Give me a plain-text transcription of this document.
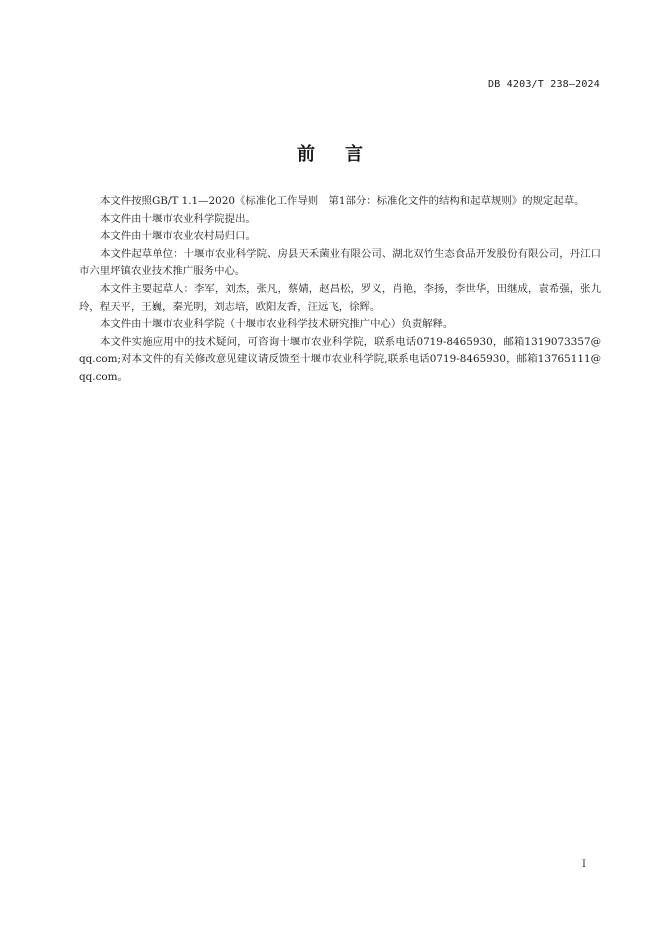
DB 4203/T 238—2024
前 言

本文件按照GB/T 1.1—2020《标准化工作导则　第1部分：标准化文件的结构和起草规则》的规定起草。

本文件由十堰市农业科学院提出。

本文件由十堰市农业农村局归口。

本文件起草单位：十堰市农业科学院、房县天禾菌业有限公司、湖北双竹生态食品开发股份有限公司，丹江口市六里坪镇农业技术推广服务中心。

本文件主要起草人：李军，刘杰，张凡，蔡婧，赵昌松，罗义，肖艳，李扬，李世华，田继成，袁希强，张九玲，程天平，王巍，秦光明，刘志培，欧阳友香，汪远飞，徐辉。

本文件由十堰市农业科学院（十堰市农业科学技术研究推广中心）负责解释。

本文件实施应用中的技术疑问，可咨询十堰市农业科学院，联系电话0719-8465930，邮箱1319073357@qq.com;对本文件的有关修改意见建议请反馈至十堰市农业科学院,联系电话0719-8465930，邮箱13765111@qq.com。

I
